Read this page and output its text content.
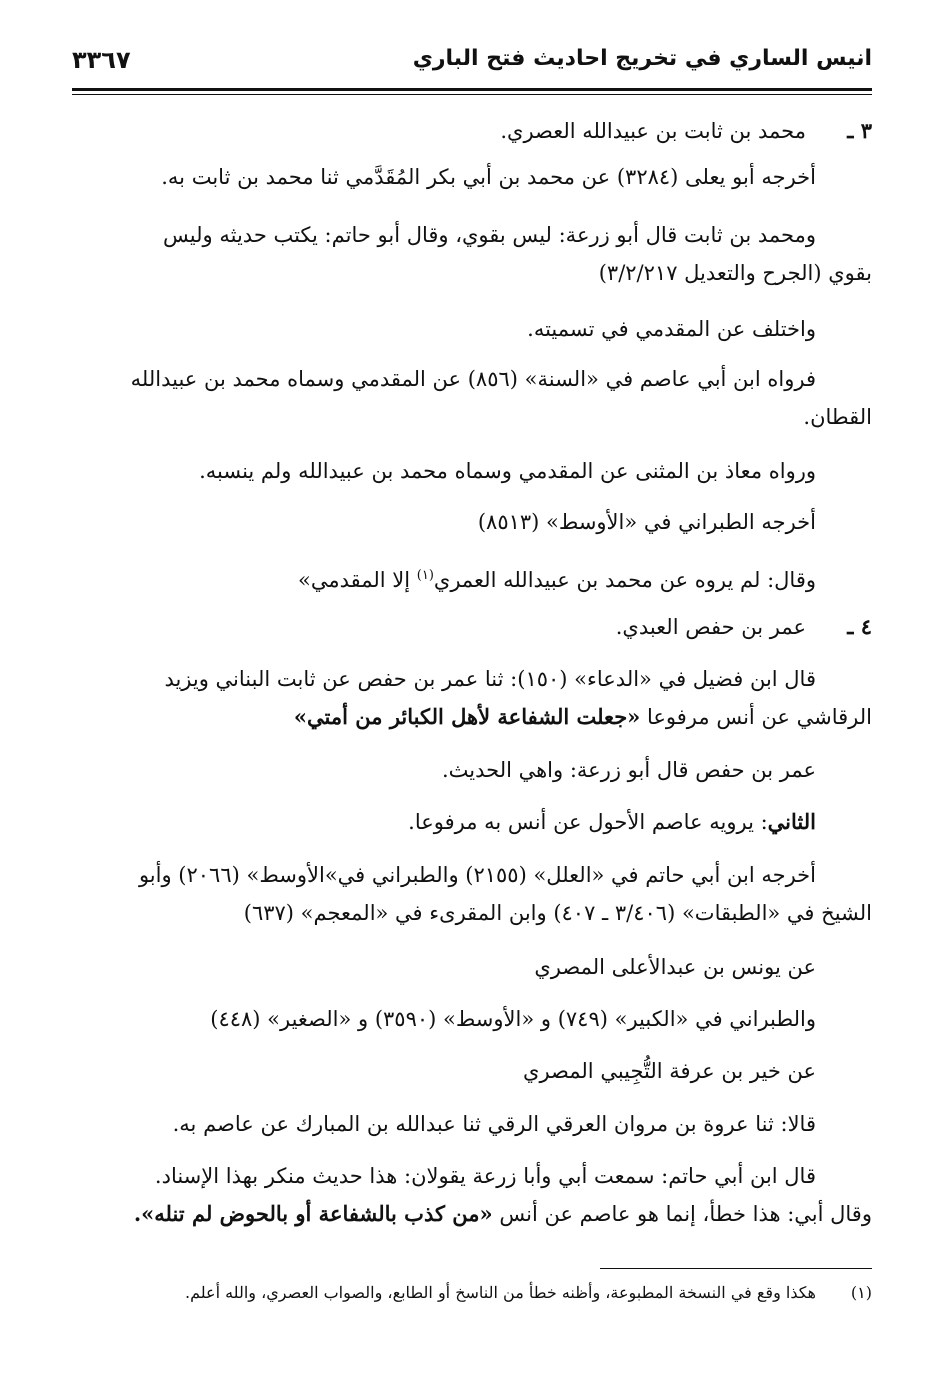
انيس الساري في تخريج احاديث فتح الباري
٣٣٦٧
٣ ـمحمد بن ثابت بن عبيدالله العصري.
أخرجه أبو يعلى (٣٢٨٤) عن محمد بن أبي بكر المُقَدَّمي ثنا محمد بن ثابت به.
ومحمد بن ثابت قال أبو زرعة: ليس بقوي، وقال أبو حاتم: يكتب حديثه وليس
بقوي (الجرح والتعديل ٣/٢/٢١٧)
واختلف عن المقدمي في تسميته.
فرواه ابن أبي عاصم في «السنة» (٨٥٦) عن المقدمي وسماه محمد بن عبيدالله
القطان.
ورواه معاذ بن المثنى عن المقدمي وسماه محمد بن عبيدالله ولم ينسبه.
أخرجه الطبراني في «الأوسط» (٨٥١٣)
وقال: لم يروه عن محمد بن عبيدالله العمري$^{(١)}$ إلا المقدمي»
٤ ـعمر بن حفص العبدي.
قال ابن فضيل في «الدعاء» (١٥٠): ثنا عمر بن حفص عن ثابت البناني ويزيد
الرقاشي عن أنس مرفوعا «جعلت الشفاعة لأهل الكبائر من أمتي»
عمر بن حفص قال أبو زرعة: واهي الحديث.
الثاني: يرويه عاصم الأحول عن أنس به مرفوعا.
أخرجه ابن أبي حاتم في «العلل» (٢١٥٥) والطبراني في»الأوسط» (٢٠٦٦) وأبو
الشيخ في «الطبقات» (٣/٤٠٦ ـ ٤٠٧) وابن المقرىء في «المعجم» (٦٣٧)
عن يونس بن عبدالأعلى المصري
والطبراني في «الكبير» (٧٤٩) و «الأوسط» (٣٥٩٠) و «الصغير» (٤٤٨)
عن خير بن عرفة التُّجِيبي المصري
قالا: ثنا عروة بن مروان العرقي الرقي ثنا عبدالله بن المبارك عن عاصم به.
قال ابن أبي حاتم: سمعت أبي وأبا زرعة يقولان: هذا حديث منكر بهذا الإسناد.
وقال أبي: هذا خطأ، إنما هو عاصم عن أنس «من كذب بالشفاعة أو بالحوض لم تنله».
(١)هكذا وقع في النسخة المطبوعة، وأظنه خطأ من الناسخ أو الطابع، والصواب العصري، والله أعلم.
